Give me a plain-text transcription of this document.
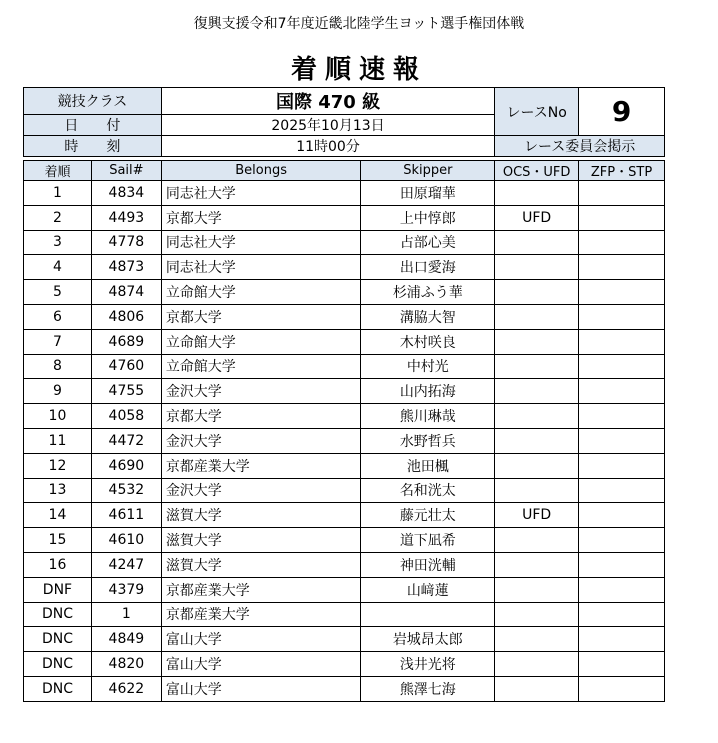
復興支援令和7年度近畿北陸学生ヨット選手権団体戦
着順速報
競技クラス	国際 470 級	レースNo	9
日　　付	2025年10月13日		
時　　刻	11時00分	レース委員会掲示	
着順	Sail#	Belongs	Skipper	OCS・UFD	ZFP・STP
1	4834	同志社大学	田原瑠華		
2	4493	京都大学	上中惇郎	UFD	
3	4778	同志社大学	占部心美		
4	4873	同志社大学	出口愛海		
5	4874	立命館大学	杉浦ふう華		
6	4806	京都大学	溝脇大智		
7	4689	立命館大学	木村咲良		
8	4760	立命館大学	中村光		
9	4755	金沢大学	山内拓海		
10	4058	京都大学	熊川琳哉		
11	4472	金沢大学	水野哲兵		
12	4690	京都産業大学	池田楓		
13	4532	金沢大学	名和洸太		
14	4611	滋賀大学	藤元壮太	UFD	
15	4610	滋賀大学	道下凪希		
16	4247	滋賀大学	神田洸輔		
DNF	4379	京都産業大学	山﨑蓮		
DNC	1	京都産業大学			
DNC	4849	富山大学	岩城昂太郎		
DNC	4820	富山大学	浅井光将		
DNC	4622	富山大学	熊澤七海		
